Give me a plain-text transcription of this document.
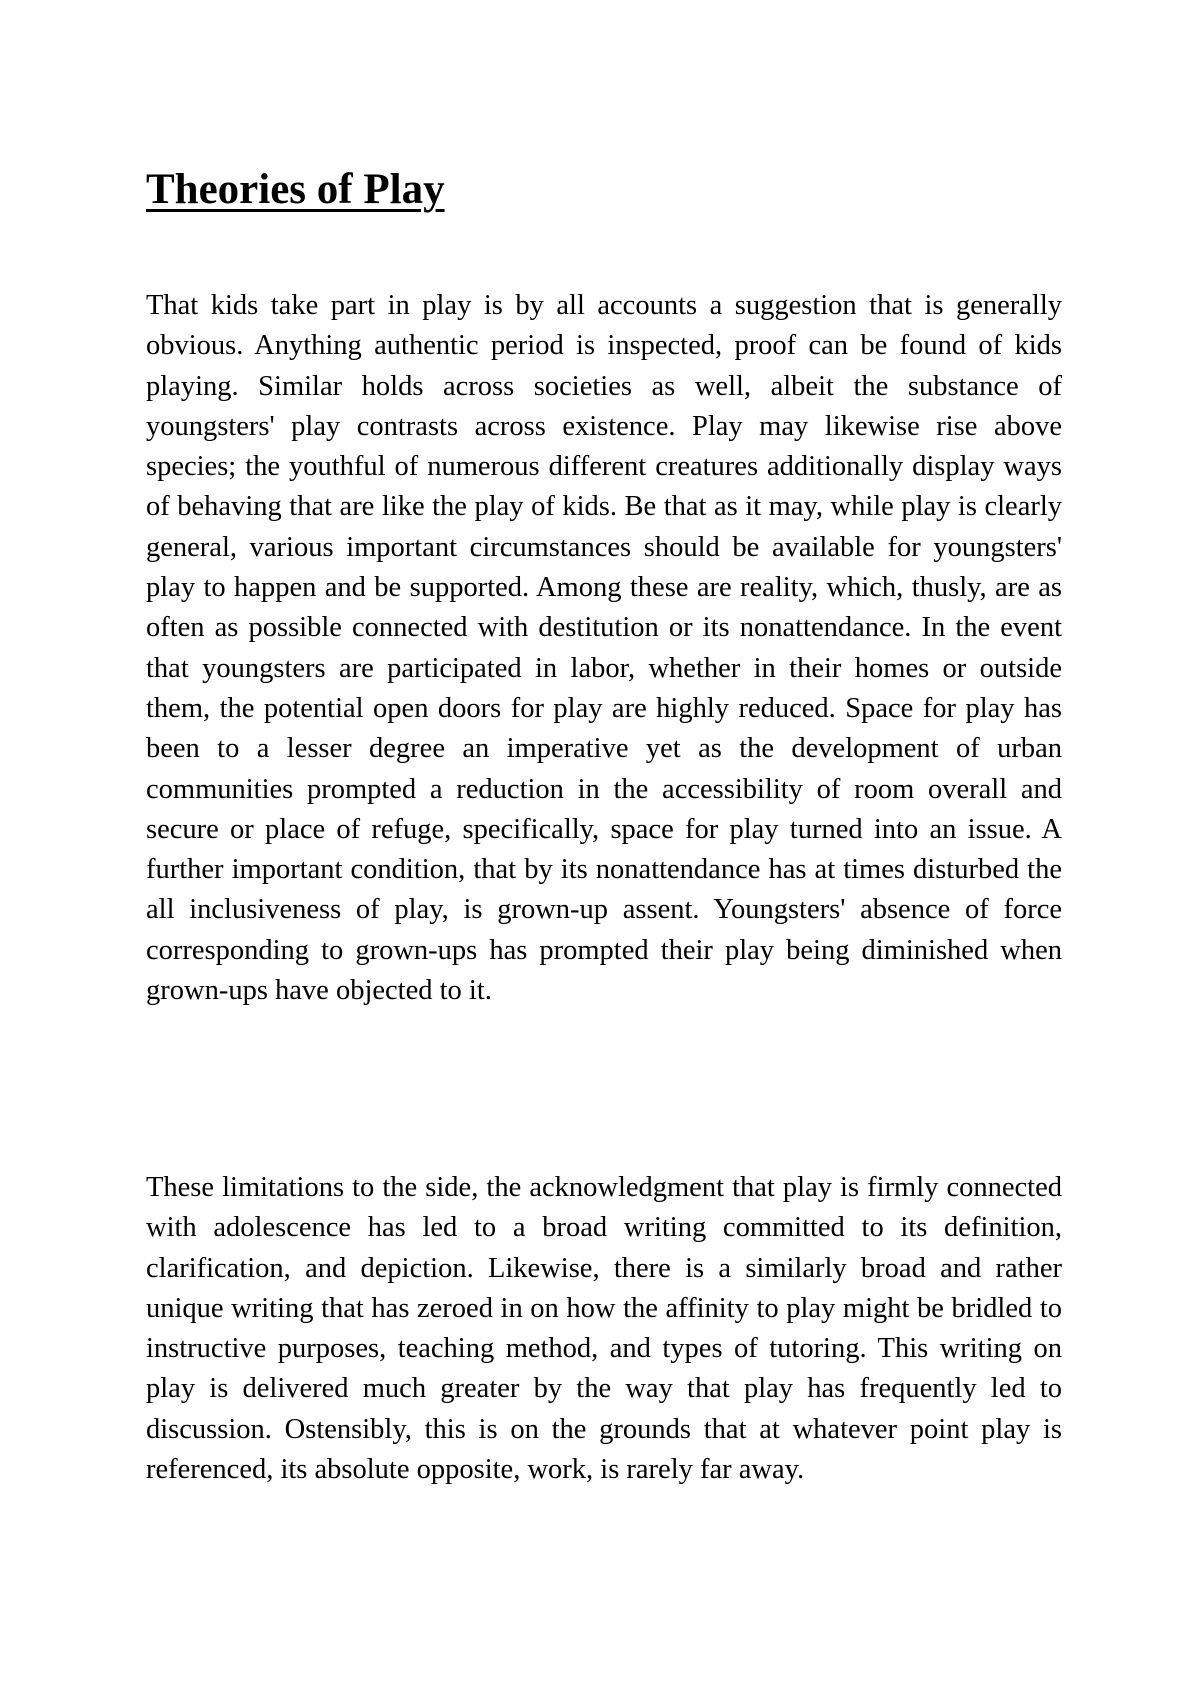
Theories of Play

That kids take part in play is by all accounts a suggestion that is generally obvious. Anything authentic period is inspected, proof can be found of kids playing. Similar holds across societies as well, albeit the substance of youngsters' play contrasts across existence. Play may likewise rise above species; the youthful of numerous different creatures additionally display ways of behaving that are like the play of kids. Be that as it may, while play is clearly general, various important circumstances should be available for youngsters' play to happen and be supported. Among these are reality, which, thusly, are as often as possible connected with destitution or its nonattendance. In the event that youngsters are participated in labor, whether in their homes or outside them, the potential open doors for play are highly reduced. Space for play has been to a lesser degree an imperative yet as the development of urban communities prompted a reduction in the accessibility of room overall and secure or place of refuge, specifically, space for play turned into an issue. A further important condition, that by its nonattendance has at times disturbed the all inclusiveness of play, is grown-up assent. Youngsters' absence of force corresponding to grown-ups has prompted their play being diminished when grown-ups have objected to it.

These limitations to the side, the acknowledgment that play is firmly connected with adolescence has led to a broad writing committed to its definition, clarification, and depiction. Likewise, there is a similarly broad and rather unique writing that has zeroed in on how the affinity to play might be bridled to instructive purposes, teaching method, and types of tutoring. This writing on play is delivered much greater by the way that play has frequently led to discussion. Ostensibly, this is on the grounds that at whatever point play is referenced, its absolute opposite, work, is rarely far away.
